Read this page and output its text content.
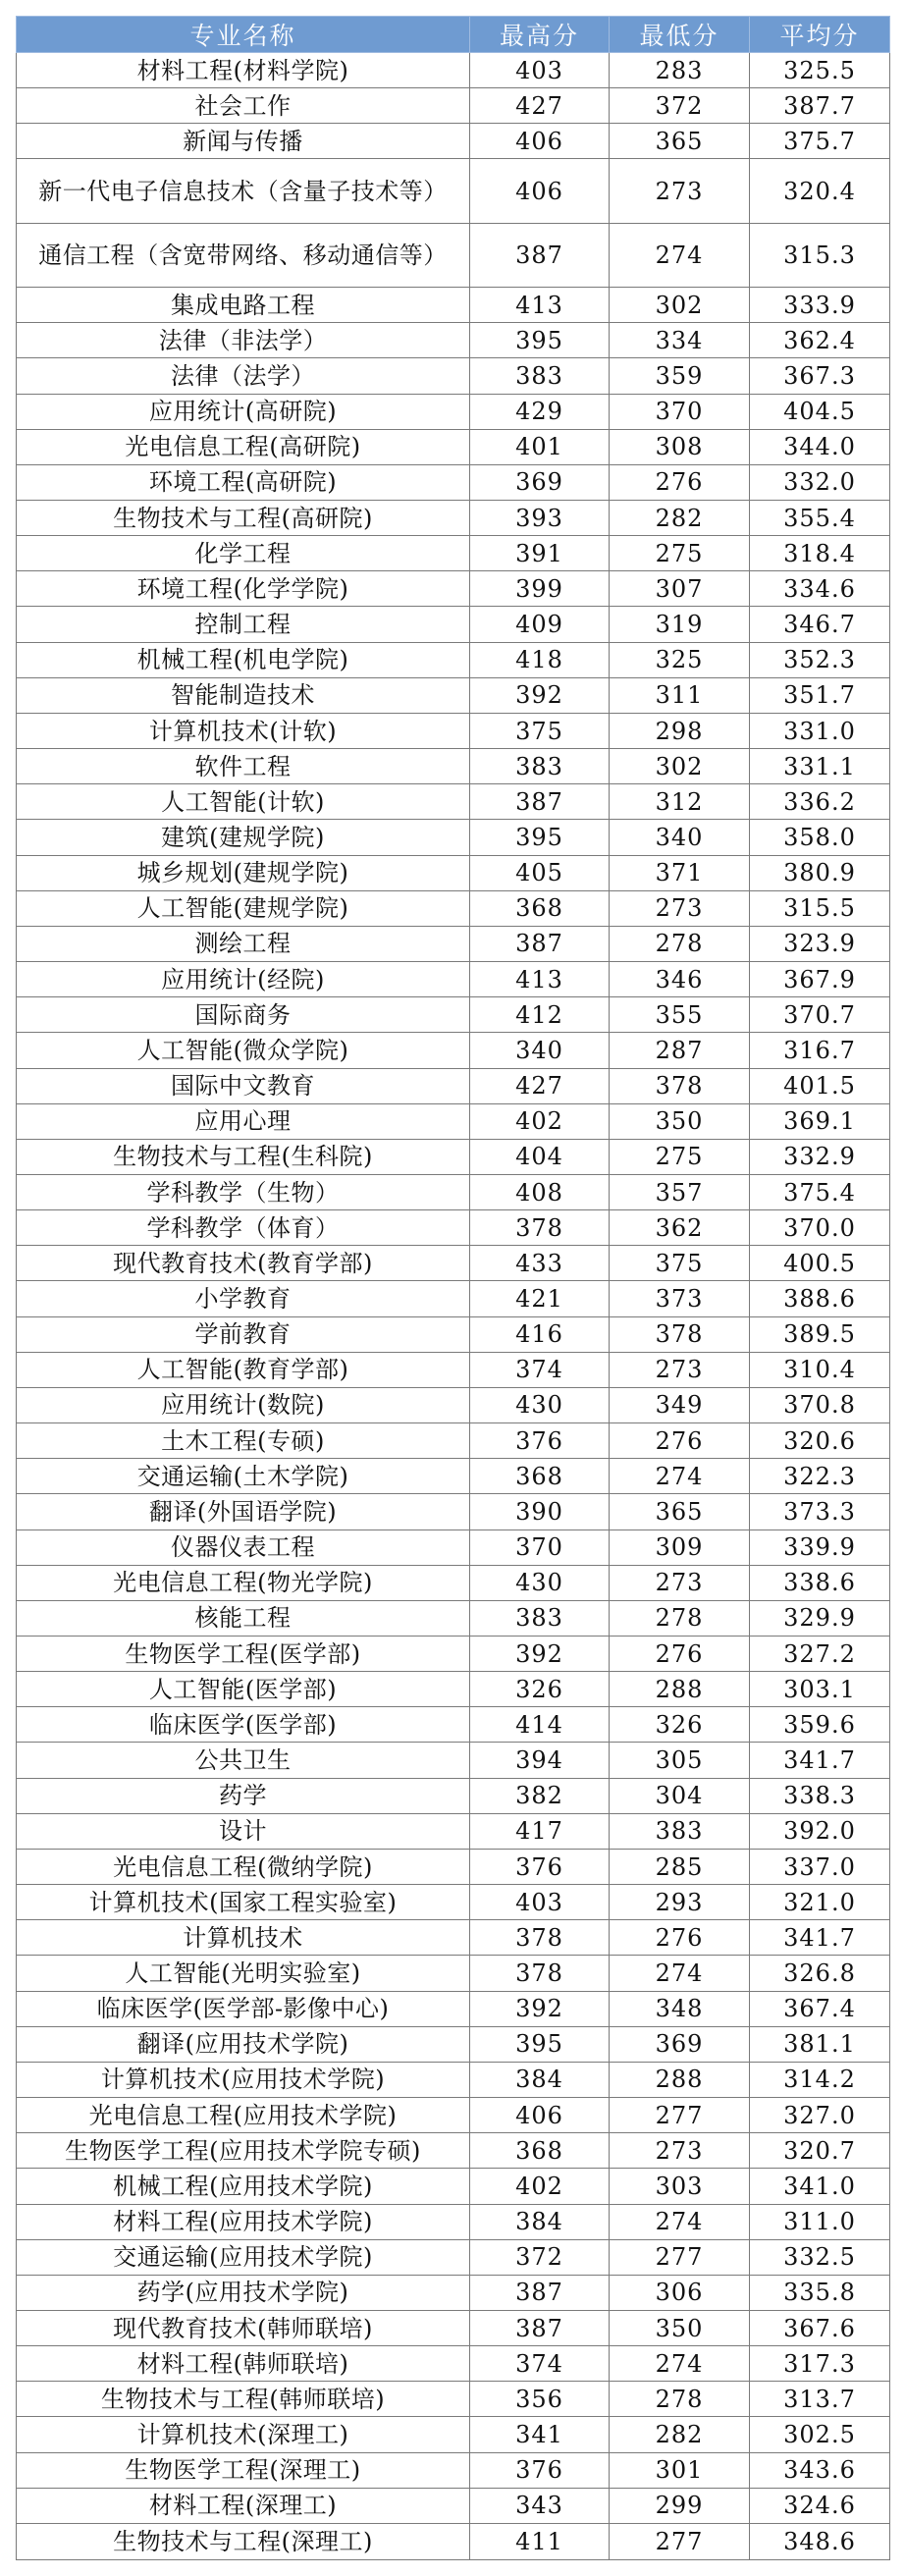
专业名称	最高分	最低分	平均分
材料工程(材料学院)	403	283	325.5
社会工作	427	372	387.7
新闻与传播	406	365	375.7
新一代电子信息技术（含量子技术等）	406	273	320.4
通信工程（含宽带网络、移动通信等）	387	274	315.3
集成电路工程	413	302	333.9
法律（非法学）	395	334	362.4
法律（法学）	383	359	367.3
应用统计(高研院)	429	370	404.5
光电信息工程(高研院)	401	308	344.0
环境工程(高研院)	369	276	332.0
生物技术与工程(高研院)	393	282	355.4
化学工程	391	275	318.4
环境工程(化学学院)	399	307	334.6
控制工程	409	319	346.7
机械工程(机电学院)	418	325	352.3
智能制造技术	392	311	351.7
计算机技术(计软)	375	298	331.0
软件工程	383	302	331.1
人工智能(计软)	387	312	336.2
建筑(建规学院)	395	340	358.0
城乡规划(建规学院)	405	371	380.9
人工智能(建规学院)	368	273	315.5
测绘工程	387	278	323.9
应用统计(经院)	413	346	367.9
国际商务	412	355	370.7
人工智能(微众学院)	340	287	316.7
国际中文教育	427	378	401.5
应用心理	402	350	369.1
生物技术与工程(生科院)	404	275	332.9
学科教学（生物）	408	357	375.4
学科教学（体育）	378	362	370.0
现代教育技术(教育学部)	433	375	400.5
小学教育	421	373	388.6
学前教育	416	378	389.5
人工智能(教育学部)	374	273	310.4
应用统计(数院)	430	349	370.8
土木工程(专硕)	376	276	320.6
交通运输(土木学院)	368	274	322.3
翻译(外国语学院)	390	365	373.3
仪器仪表工程	370	309	339.9
光电信息工程(物光学院)	430	273	338.6
核能工程	383	278	329.9
生物医学工程(医学部)	392	276	327.2
人工智能(医学部)	326	288	303.1
临床医学(医学部)	414	326	359.6
公共卫生	394	305	341.7
药学	382	304	338.3
设计	417	383	392.0
光电信息工程(微纳学院)	376	285	337.0
计算机技术(国家工程实验室)	403	293	321.0
计算机技术	378	276	341.7
人工智能(光明实验室)	378	274	326.8
临床医学(医学部-影像中心)	392	348	367.4
翻译(应用技术学院)	395	369	381.1
计算机技术(应用技术学院)	384	288	314.2
光电信息工程(应用技术学院)	406	277	327.0
生物医学工程(应用技术学院专硕)	368	273	320.7
机械工程(应用技术学院)	402	303	341.0
材料工程(应用技术学院)	384	274	311.0
交通运输(应用技术学院)	372	277	332.5
药学(应用技术学院)	387	306	335.8
现代教育技术(韩师联培)	387	350	367.6
材料工程(韩师联培)	374	274	317.3
生物技术与工程(韩师联培)	356	278	313.7
计算机技术(深理工)	341	282	302.5
生物医学工程(深理工)	376	301	343.6
材料工程(深理工)	343	299	324.6
生物技术与工程(深理工)	411	277	348.6
